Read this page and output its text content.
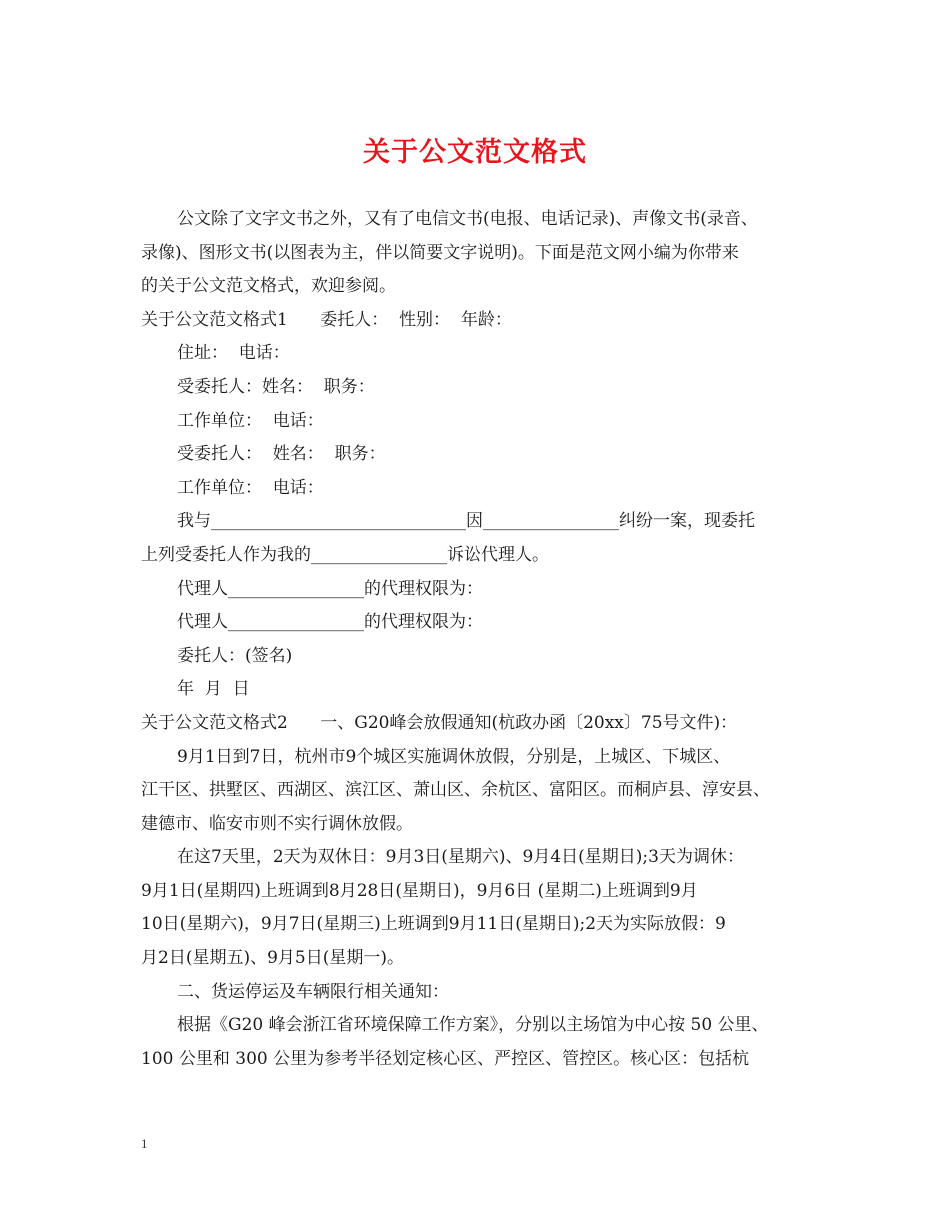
关于公文范文格式
公文除了文字文书之外，又有了电信文书(电报、电话记录)、声像文书(录音、
录像)、图形文书(以图表为主，伴以简要文字说明)。下面是范文网小编为你带来
的关于公文范文格式，欢迎参阅。
关于公文范文格式1      委托人：  性别：  年龄：
住址：  电话：
受委托人：姓名：  职务：
工作单位：  电话：
受委托人：  姓名：  职务：
工作单位：  电话：
我与______________________________因________________纠纷一案，现委托
上列受委托人作为我的________________诉讼代理人。
代理人________________的代理权限为：
代理人________________的代理权限为：
委托人：(签名)
年  月  日
关于公文范文格式2      一、G20峰会放假通知(杭政办函〔20xx〕75号文件)：
9月1日到7日，杭州市9个城区实施调休放假，分别是，上城区、下城区、
江干区、拱墅区、西湖区、滨江区、萧山区、余杭区、富阳区。而桐庐县、淳安县、
建德市、临安市则不实行调休放假。
在这7天里，2天为双休日：9月3日(星期六)、9月4日(星期日);3天为调休：
9月1日(星期四)上班调到8月28日(星期日)，9月6日 (星期二)上班调到9月
10日(星期六)，9月7日(星期三)上班调到9月11日(星期日);2天为实际放假：9
月2日(星期五)、9月5日(星期一)。
二、货运停运及车辆限行相关通知：
根据《G20 峰会浙江省环境保障工作方案》，分别以主场馆为中心按 50 公里、
100 公里和 300 公里为参考半径划定核心区、严控区、管控区。核心区：包括杭
1
